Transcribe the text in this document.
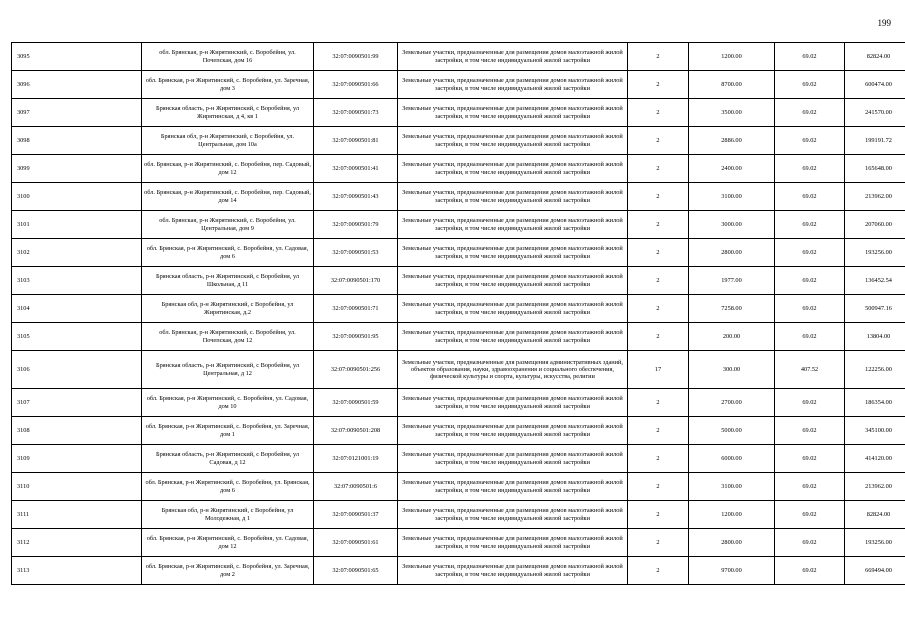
199
3095	обл. Брянская, р-н Жирятинский, с. Воробейня, ул. Почепская, дом 16	32:07:0090501:99	Земельные участки, предназначенные для размещения домов малоэтажной жилой застройки, в том числе индивидуальной жилой застройки	2	1200.00	69.02	82824.00
3096	обл. Брянская, р-н Жирятинский, с. Воробейня, ул. Заречная, дом 3	32:07:0090501:66	Земельные участки, предназначенные для размещения домов малоэтажной жилой застройки, в том числе индивидуальной жилой застройки	2	8700.00	69.02	600474.00
3097	Брянская область, р-н Жирятинский, с Воробейня, ул Жирятинская, д 4, кв 1	32:07:0090501:73	Земельные участки, предназначенные для размещения домов малоэтажной жилой застройки, в том числе индивидуальной жилой застройки	2	3500.00	69.02	241570.00
3098	Брянская обл, р-н Жирятинский, с Воробейня, ул. Центральная, дом 10а	32:07:0090501:81	Земельные участки, предназначенные для размещения домов малоэтажной жилой застройки, в том числе индивидуальной жилой застройки	2	2886.00	69.02	199191.72
3099	обл. Брянская, р-н Жирятинский, с. Воробейня, пер. Садовый, дом 12	32:07:0090501:41	Земельные участки, предназначенные для размещения домов малоэтажной жилой застройки, в том числе индивидуальной жилой застройки	2	2400.00	69.02	165648.00
3100	обл. Брянская, р-н Жирятинский, с. Воробейня, пер. Садовый, дом 14	32:07:0090501:43	Земельные участки, предназначенные для размещения домов малоэтажной жилой застройки, в том числе индивидуальной жилой застройки	2	3100.00	69.02	213962.00
3101	обл. Брянская, р-н Жирятинский, с. Воробейня, ул. Центральная, дом 9	32:07:0090501:79	Земельные участки, предназначенные для размещения домов малоэтажной жилой застройки, в том числе индивидуальной жилой застройки	2	3000.00	69.02	207060.00
3102	обл. Брянская, р-н Жирятинский, с. Воробейня, ул. Садовая, дом 6	32:07:0090501:53	Земельные участки, предназначенные для размещения домов малоэтажной жилой застройки, в том числе индивидуальной жилой застройки	2	2800.00	69.02	193256.00
3103	Брянская область, р-н Жирятинский, с Воробейня, ул Школьная, д 11	32:07:0090501:170	Земельные участки, предназначенные для размещения домов малоэтажной жилой застройки, в том числе индивидуальной жилой застройки	2	1977.00	69.02	136452.54
3104	Брянская обл, р-н Жирятинский, с Воробейня, ул Жирятинская, д.2	32:07:0090501:71	Земельные участки, предназначенные для размещения домов малоэтажной жилой застройки, в том числе индивидуальной жилой застройки	2	7258.00	69.02	500947.16
3105	обл. Брянская, р-н Жирятинский, с. Воробейня, ул. Почепская, дом 12	32:07:0090501:95	Земельные участки, предназначенные для размещения домов малоэтажной жилой застройки, в том числе индивидуальной жилой застройки	2	200.00	69.02	13804.00
3106	Брянская область, р-н Жирятинский, с Воробейня, ул Центральная, д 12	32:07:0090501:256	Земельные участки, предназначенные для размещения административных зданий, объектов образования, науки, здравоохранения и социального обеспечения, физической культуры и спорта, культуры, искусства, религии	17	300.00	407.52	122256.00
3107	обл. Брянская, р-н Жирятинский, с. Воробейня, ул. Садовая, дом 10	32:07:0090501:59	Земельные участки, предназначенные для размещения домов малоэтажной жилой застройки, в том числе индивидуальной жилой застройки	2	2700.00	69.02	186354.00
3108	обл. Брянская, р-н Жирятинский, с. Воробейня, ул. Заречная, дом 1	32:07:0090501:208	Земельные участки, предназначенные для размещения домов малоэтажной жилой застройки, в том числе индивидуальной жилой застройки	2	5000.00	69.02	345100.00
3109	Брянская область, р-н Жирятинский, с Воробейня, ул Садовая, д 12	32:07:0121001:19	Земельные участки, предназначенные для размещения домов малоэтажной жилой застройки, в том числе индивидуальной жилой застройки	2	6000.00	69.02	414120.00
3110	обл. Брянская, р-н Жирятинский, с. Воробейня, ул. Брянская, дом 6	32:07:0090501:6	Земельные участки, предназначенные для размещения домов малоэтажной жилой застройки, в том числе индивидуальной жилой застройки	2	3100.00	69.02	213962.00
3111	Брянская обл, р-н Жирятинский, с Воробейня, ул Молодежная, д 1	32:07:0090501:37	Земельные участки, предназначенные для размещения домов малоэтажной жилой застройки, в том числе индивидуальной жилой застройки	2	1200.00	69.02	82824.00
3112	обл. Брянская, р-н Жирятинский, с. Воробейня, ул. Садовая, дом 12	32:07:0090501:61	Земельные участки, предназначенные для размещения домов малоэтажной жилой застройки, в том числе индивидуальной жилой застройки	2	2800.00	69.02	193256.00
3113	обл. Брянская, р-н Жирятинский, с. Воробейня, ул. Заречная, дом 2	32:07:0090501:65	Земельные участки, предназначенные для размещения домов малоэтажной жилой застройки, в том числе индивидуальной жилой застройки	2	9700.00	69.02	669494.00
